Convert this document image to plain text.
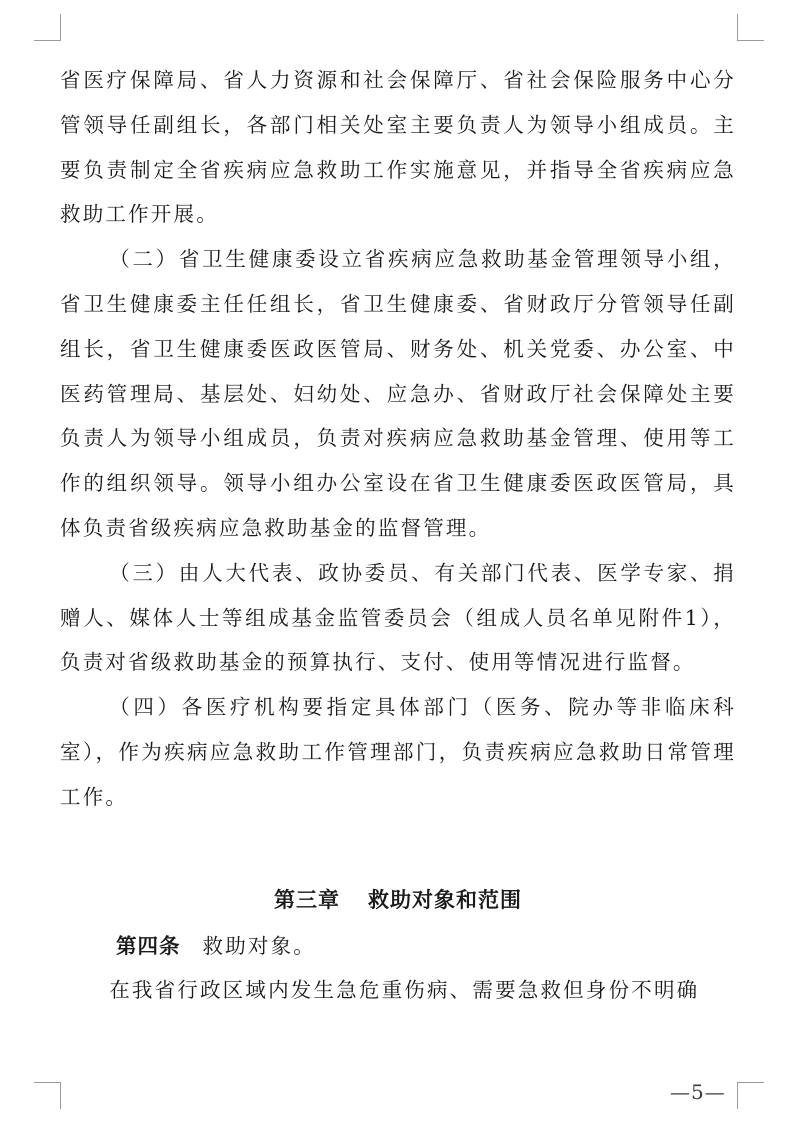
省医疗保障局、省人力资源和社会保障厅、省社会保险服务中心分管领导任副组长，各部门相关处室主要负责人为领导小组成员。主要负责制定全省疾病应急救助工作实施意见，并指导全省疾病应急救助工作开展。

（二）省卫生健康委设立省疾病应急救助基金管理领导小组，省卫生健康委主任任组长，省卫生健康委、省财政厅分管领导任副组长，省卫生健康委医政医管局、财务处、机关党委、办公室、中医药管理局、基层处、妇幼处、应急办、省财政厅社会保障处主要负责人为领导小组成员，负责对疾病应急救助基金管理、使用等工作的组织领导。领导小组办公室设在省卫生健康委医政医管局，具体负责省级疾病应急救助基金的监督管理。

（三）由人大代表、政协委员、有关部门代表、医学专家、捐赠人、媒体人士等组成基金监管委员会（组成人员名单见附件1），负责对省级救助基金的预算执行、支付、使用等情况进行监督。

（四）各医疗机构要指定具体部门（医务、院办等非临床科室），作为疾病应急救助工作管理部门，负责疾病应急救助日常管理工作。

第三章 救助对象和范围
第四条 救助对象。

在我省行政区域内发生急危重伤病、需要急救但身份不明确

—5—
